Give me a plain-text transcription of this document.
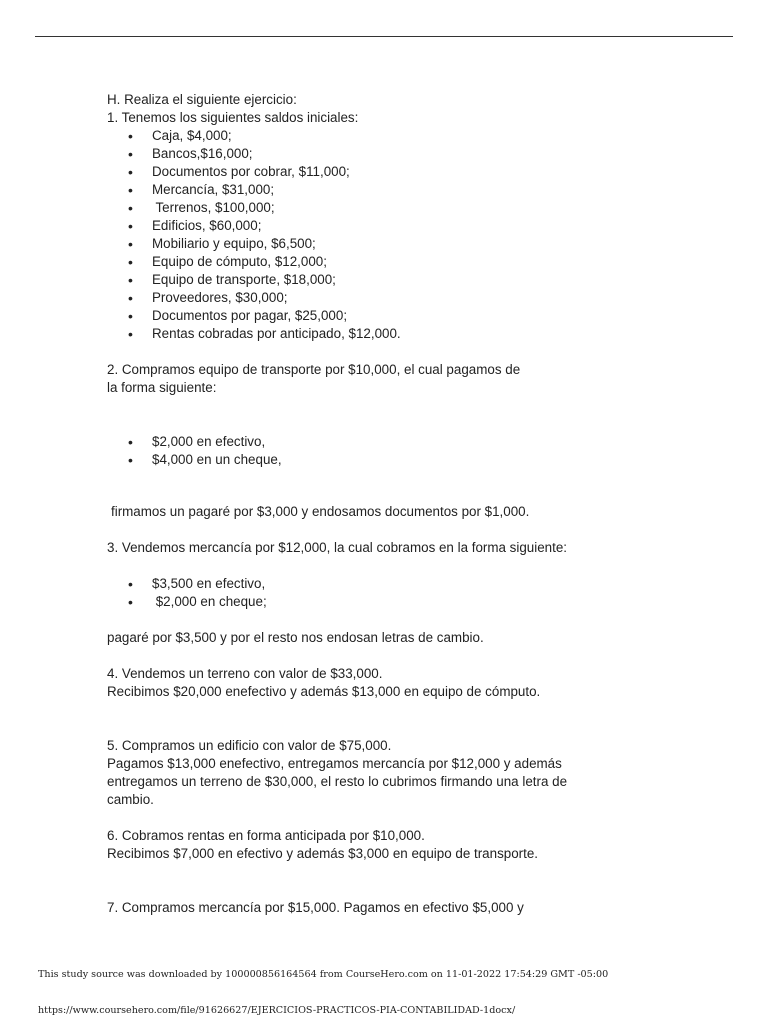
H. Realiza el siguiente ejercicio:
1. Tenemos los siguientes saldos iniciales:
• Caja, $4,000;
• Bancos,$16,000;
• Documentos por cobrar, $11,000;
• Mercancía, $31,000;
•  Terrenos, $100,000;
• Edificios, $60,000;
• Mobiliario y equipo, $6,500;
• Equipo de cómputo, $12,000;
• Equipo de transporte, $18,000;
• Proveedores, $30,000;
• Documentos por pagar, $25,000;
• Rentas cobradas por anticipado, $12,000.
2. Compramos equipo de transporte por $10,000, el cual pagamos de
la forma siguiente:
• $2,000 en efectivo,
• $4,000 en un cheque,
firmamos un pagaré por $3,000 y endosamos documentos por $1,000.
3. Vendemos mercancía por $12,000, la cual cobramos en la forma siguiente:
• $3,500 en efectivo,
•  $2,000 en cheque;
pagaré por $3,500 y por el resto nos endosan letras de cambio.
4. Vendemos un terreno con valor de $33,000.
Recibimos $20,000 enefectivo y además $13,000 en equipo de cómputo.
5. Compramos un edificio con valor de $75,000.
Pagamos $13,000 enefectivo, entregamos mercancía por $12,000 y además
entregamos un terreno de $30,000, el resto lo cubrimos firmando una letra de
cambio.
6. Cobramos rentas en forma anticipada por $10,000.
Recibimos $7,000 en efectivo y además $3,000 en equipo de transporte.
7. Compramos mercancía por $15,000. Pagamos en efectivo $5,000 y
This study source was downloaded by 100000856164564 from CourseHero.com on 11-01-2022 17:54:29 GMT -05:00
https://www.coursehero.com/file/91626627/EJERCICIOS-PRACTICOS-PIA-CONTABILIDAD-1docx/
